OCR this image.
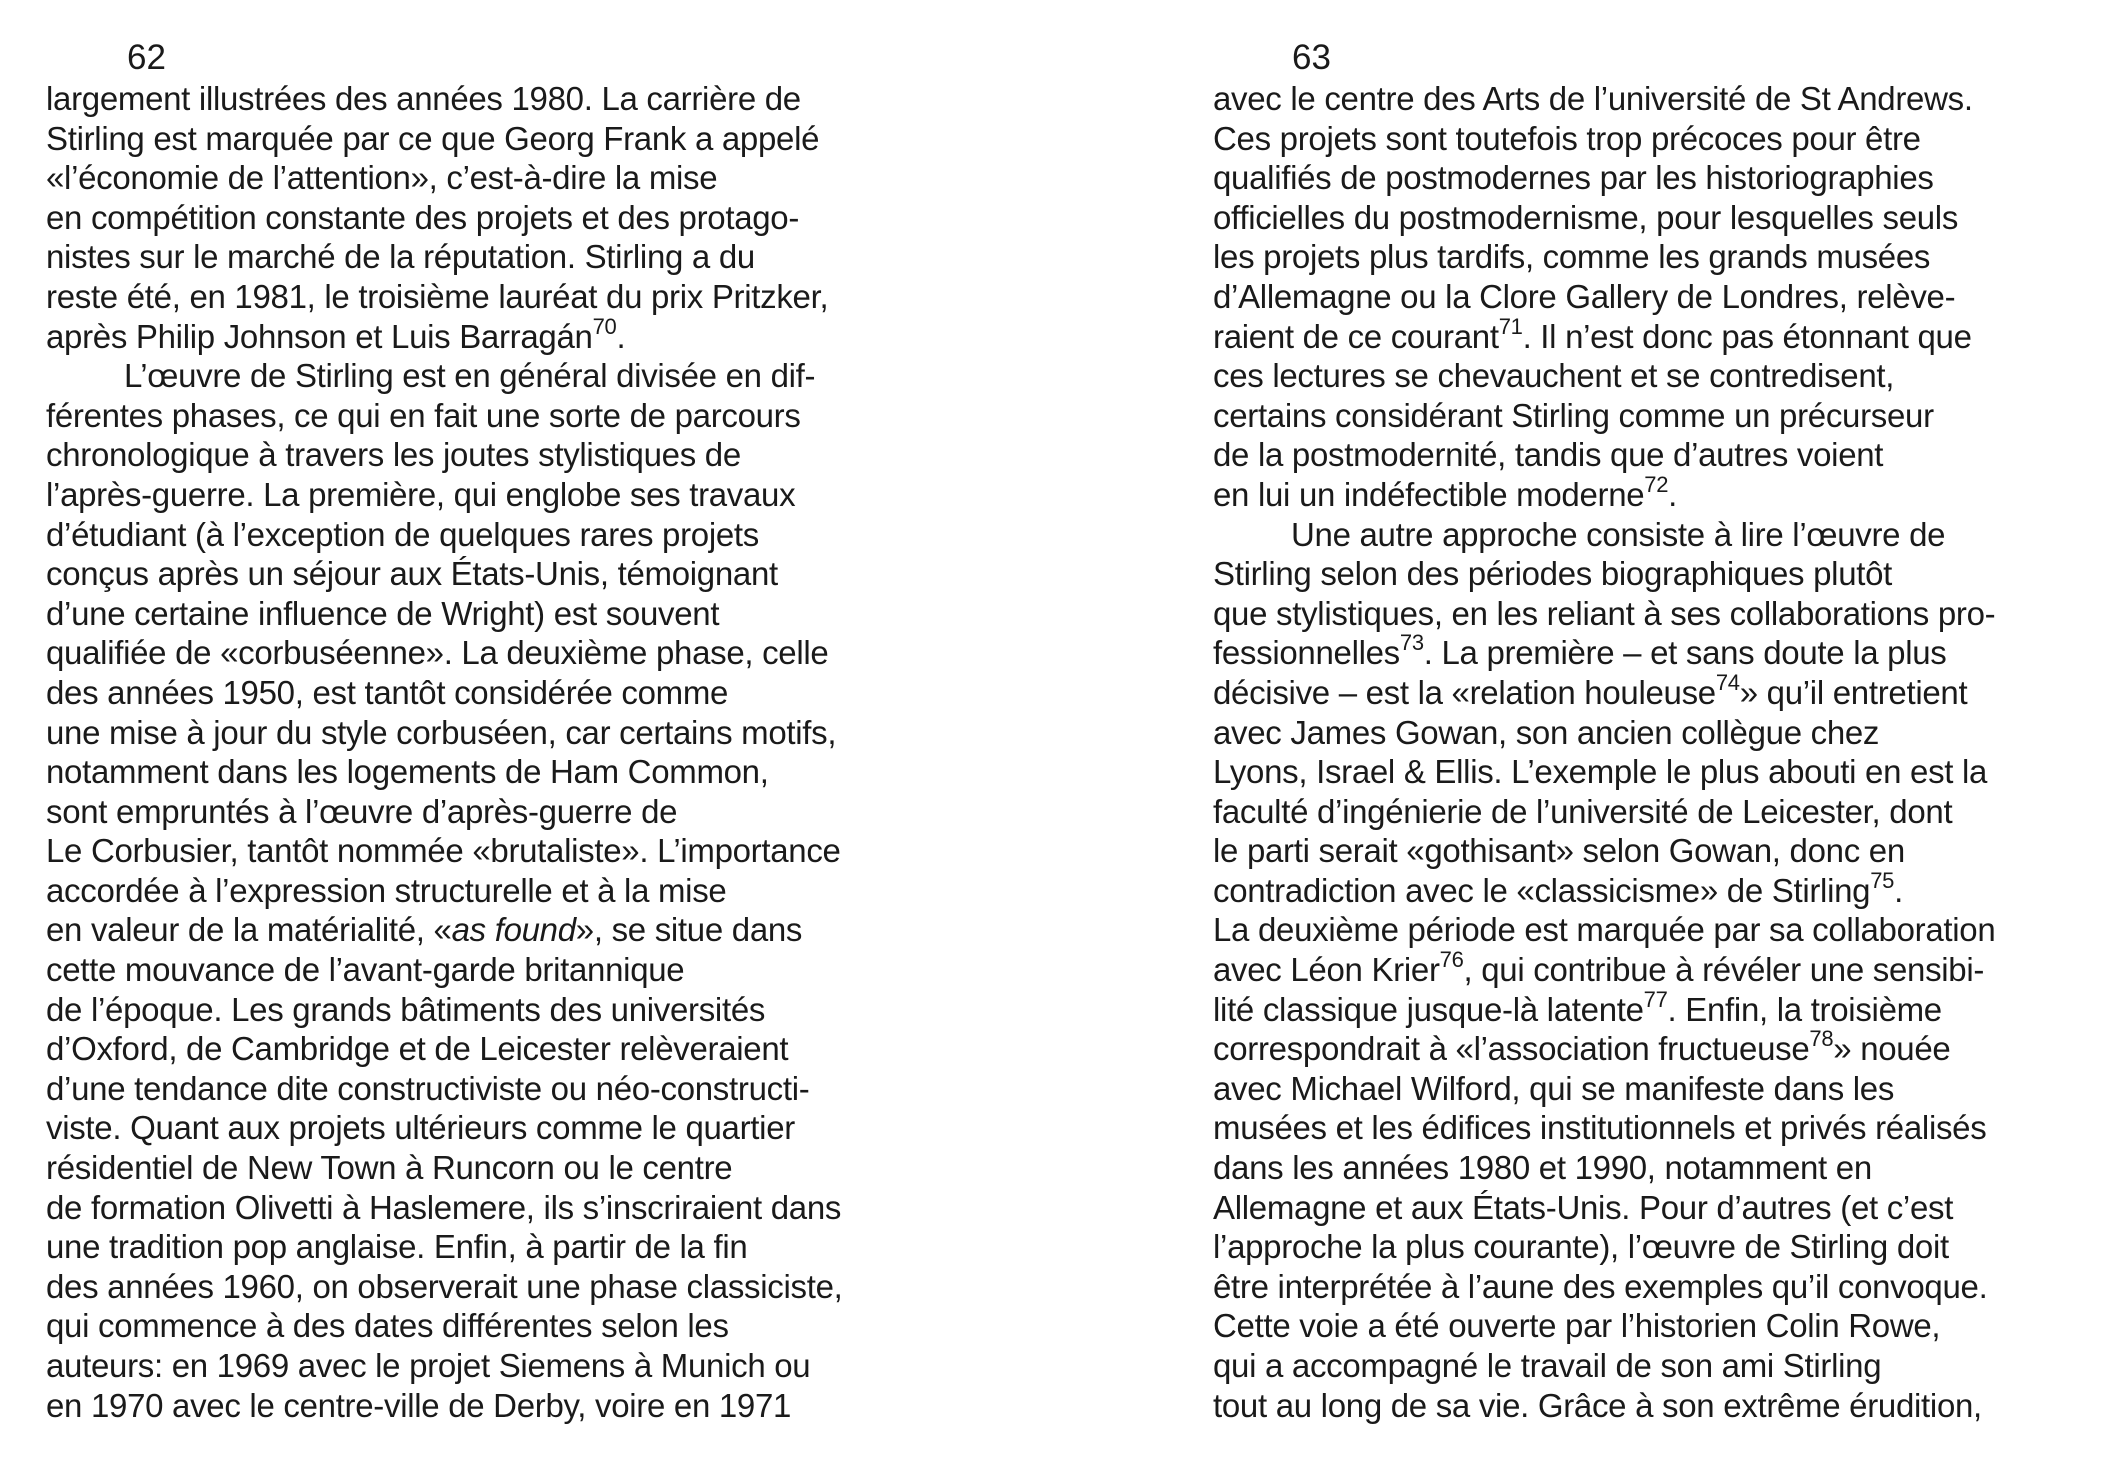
62

largement illustrées des années 1980. La carrière de
Stirling est marquée par ce que Georg Frank a appelé
«l’économie de l’attention», c’est-à-dire la mise
en compétition constante des projets et des protago-
nistes sur le marché de la réputation. Stirling a du
reste été, en 1981, le troisième lauréat du prix Pritzker,
après Philip Johnson et Luis Barragán$^{70}$.
L’œuvre de Stirling est en général divisée en dif-
férentes phases, ce qui en fait une sorte de parcours
chronologique à travers les joutes stylistiques de
l’après-guerre. La première, qui englobe ses travaux
d’étudiant (à l’exception de quelques rares projets
conçus après un séjour aux États-Unis, témoignant
d’une certaine influence de Wright) est souvent
qualifiée de «corbuséenne». La deuxième phase, celle
des années 1950, est tantôt considérée comme
une mise à jour du style corbuséen, car certains motifs,
notamment dans les logements de Ham Common,
sont empruntés à l’œuvre d’après-guerre de
Le Corbusier, tantôt nommée «brutaliste». L’importance
accordée à l’expression structurelle et à la mise
en valeur de la matérialité, «as found», se situe dans
cette mouvance de l’avant-garde britannique
de l’époque. Les grands bâtiments des universités
d’Oxford, de Cambridge et de Leicester relèveraient
d’une tendance dite constructiviste ou néo-constructi-
viste. Quant aux projets ultérieurs comme le quartier
résidentiel de New Town à Runcorn ou le centre
de formation Olivetti à Haslemere, ils s’inscriraient dans
une tradition pop anglaise. Enfin, à partir de la fin
des années 1960, on observerait une phase classiciste,
qui commence à des dates différentes selon les
auteurs: en 1969 avec le projet Siemens à Munich ou
en 1970 avec le centre-ville de Derby, voire en 1971

63

avec le centre des Arts de l’université de St Andrews.
Ces projets sont toutefois trop précoces pour être
qualifiés de postmodernes par les historiographies
officielles du postmodernisme, pour lesquelles seuls
les projets plus tardifs, comme les grands musées
d’Allemagne ou la Clore Gallery de Londres, relève-
raient de ce courant$^{71}$. Il n’est donc pas étonnant que
ces lectures se chevauchent et se contredisent,
certains considérant Stirling comme un précurseur
de la postmodernité, tandis que d’autres voient
en lui un indéfectible moderne$^{72}$.
Une autre approche consiste à lire l’œuvre de
Stirling selon des périodes biographiques plutôt
que stylistiques, en les reliant à ses collaborations pro-
fessionnelles$^{73}$. La première – et sans doute la plus
décisive – est la «relation houleuse$^{74}$» qu’il entretient
avec James Gowan, son ancien collègue chez
Lyons, Israel & Ellis. L’exemple le plus abouti en est la
faculté d’ingénierie de l’université de Leicester, dont
le parti serait «gothisant» selon Gowan, donc en
contradiction avec le «classicisme» de Stirling$^{75}$.
La deuxième période est marquée par sa collaboration
avec Léon Krier$^{76}$, qui contribue à révéler une sensibi-
lité classique jusque-là latente$^{77}$. Enfin, la troisième
correspondrait à «l’association fructueuse$^{78}$» nouée
avec Michael Wilford, qui se manifeste dans les
musées et les édifices institutionnels et privés réalisés
dans les années 1980 et 1990, notamment en
Allemagne et aux États-Unis. Pour d’autres (et c’est
l’approche la plus courante), l’œuvre de Stirling doit
être interprétée à l’aune des exemples qu’il convoque.
Cette voie a été ouverte par l’historien Colin Rowe,
qui a accompagné le travail de son ami Stirling
tout au long de sa vie. Grâce à son extrême érudition,
